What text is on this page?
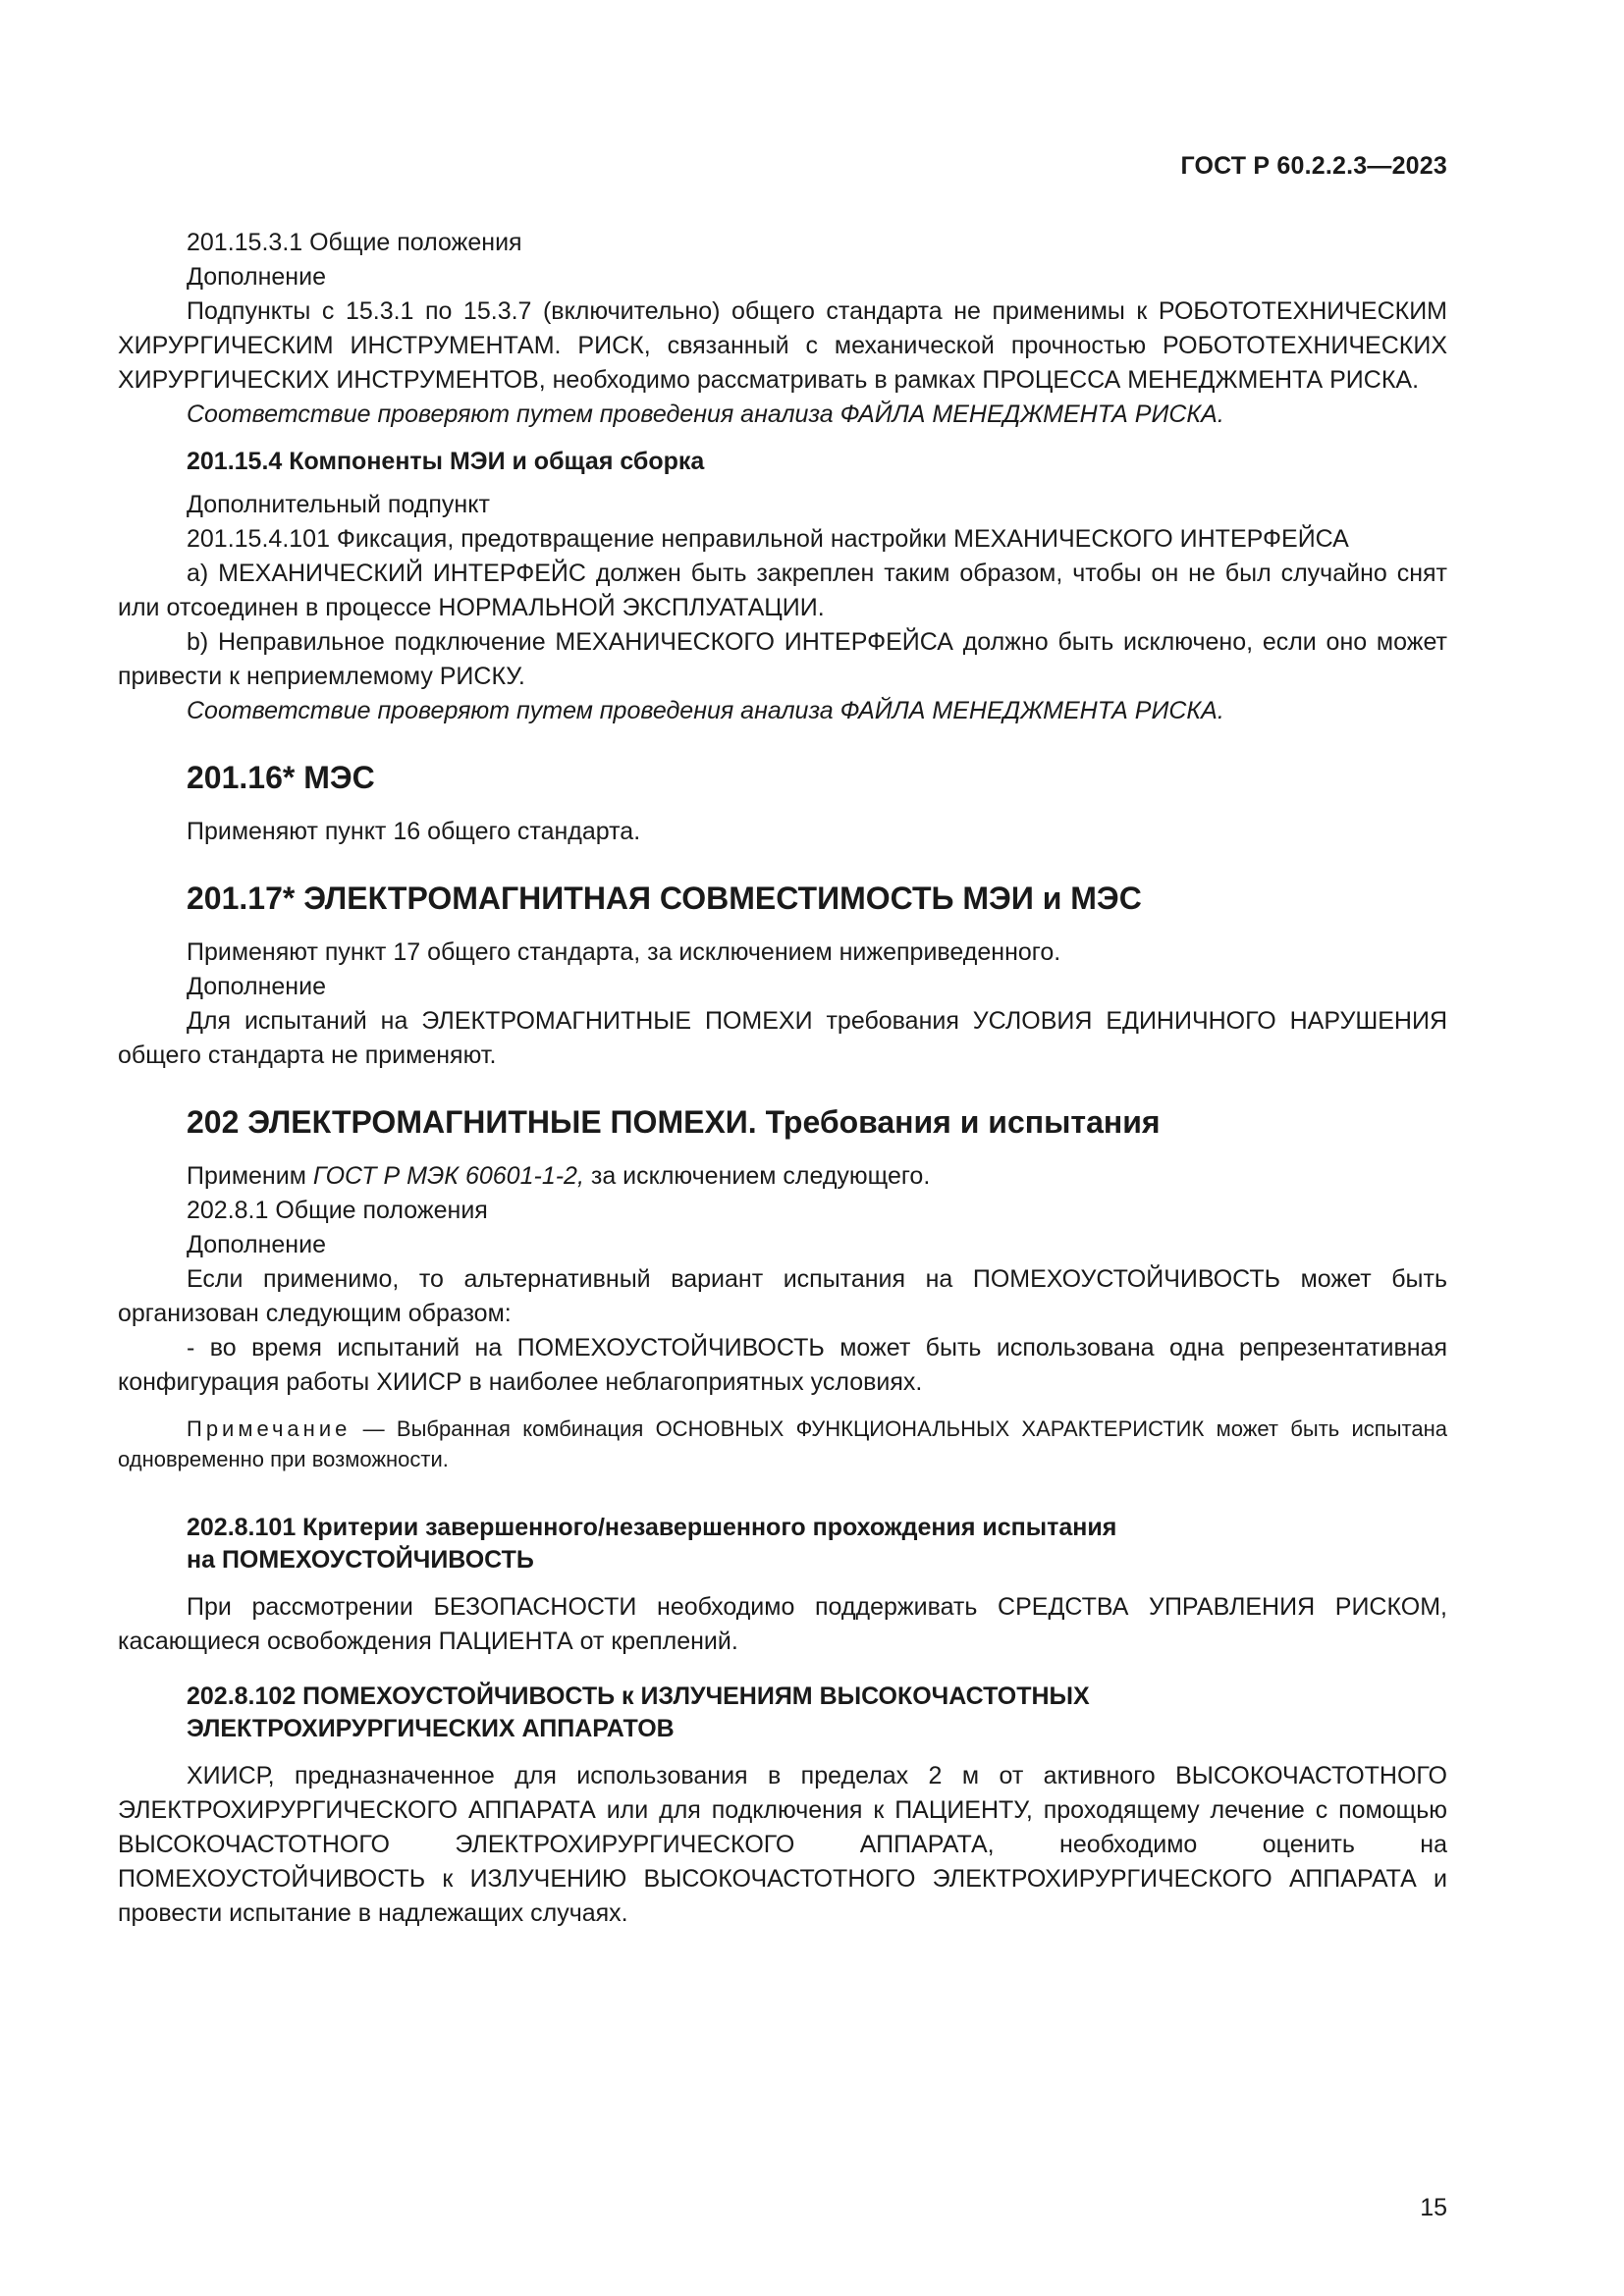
ГОСТ Р 60.2.2.3—2023

201.15.3.1 Общие положения

Дополнение

Подпункты с 15.3.1 по 15.3.7 (включительно) общего стандарта не применимы к РОБОТОТЕХНИЧЕСКИМ ХИРУРГИЧЕСКИМ ИНСТРУМЕНТАМ. РИСК, связанный с механической прочностью РОБОТОТЕХНИЧЕСКИХ ХИРУРГИЧЕСКИХ ИНСТРУМЕНТОВ, необходимо рассматривать в рамках ПРОЦЕССА МЕНЕДЖМЕНТА РИСКА.

Соответствие проверяют путем проведения анализа ФАЙЛА МЕНЕДЖМЕНТА РИСКА.

201.15.4 Компоненты МЭИ и общая сборка

Дополнительный подпункт

201.15.4.101 Фиксация, предотвращение неправильной настройки МЕХАНИЧЕСКОГО ИНТЕРФЕЙСА

а) МЕХАНИЧЕСКИЙ ИНТЕРФЕЙС должен быть закреплен таким образом, чтобы он не был случайно снят или отсоединен в процессе НОРМАЛЬНОЙ ЭКСПЛУАТАЦИИ.

b) Неправильное подключение МЕХАНИЧЕСКОГО ИНТЕРФЕЙСА должно быть исключено, если оно может привести к неприемлемому РИСКУ.

Соответствие проверяют путем проведения анализа ФАЙЛА МЕНЕДЖМЕНТА РИСКА.

201.16* МЭС

Применяют пункт 16 общего стандарта.

201.17* ЭЛЕКТРОМАГНИТНАЯ СОВМЕСТИМОСТЬ МЭИ и МЭС

Применяют пункт 17 общего стандарта, за исключением нижеприведенного.

Дополнение

Для испытаний на ЭЛЕКТРОМАГНИТНЫЕ ПОМЕХИ требования УСЛОВИЯ ЕДИНИЧНОГО НАРУШЕНИЯ общего стандарта не применяют.

202 ЭЛЕКТРОМАГНИТНЫЕ ПОМЕХИ. Требования и испытания

Применим ГОСТ Р МЭК 60601-1-2, за исключением следующего.

202.8.1 Общие положения

Дополнение

Если применимо, то альтернативный вариант испытания на ПОМЕХОУСТОЙЧИВОСТЬ может быть организован следующим образом:

- во время испытаний на ПОМЕХОУСТОЙЧИВОСТЬ может быть использована одна репрезентативная конфигурация работы ХИИСР в наиболее неблагоприятных условиях.

Примечание — Выбранная комбинация ОСНОВНЫХ ФУНКЦИОНАЛЬНЫХ ХАРАКТЕРИСТИК может быть испытана одновременно при возможности.

202.8.101 Критерии завершенного/незавершенного прохождения испытания
на ПОМЕХОУСТОЙЧИВОСТЬ

При рассмотрении БЕЗОПАСНОСТИ необходимо поддерживать СРЕДСТВА УПРАВЛЕНИЯ РИСКОМ, касающиеся освобождения ПАЦИЕНТА от креплений.

202.8.102 ПОМЕХОУСТОЙЧИВОСТЬ к ИЗЛУЧЕНИЯМ ВЫСОКОЧАСТОТНЫХ
ЭЛЕКТРОХИРУРГИЧЕСКИХ АППАРАТОВ

ХИИСР, предназначенное для использования в пределах 2 м от активного ВЫСОКОЧАСТОТНОГО ЭЛЕКТРОХИРУРГИЧЕСКОГО АППАРАТА или для подключения к ПАЦИЕНТУ, проходящему лечение с помощью ВЫСОКОЧАСТОТНОГО ЭЛЕКТРОХИРУРГИЧЕСКОГО АППАРАТА, необходимо оценить на ПОМЕХОУСТОЙЧИВОСТЬ к ИЗЛУЧЕНИЮ ВЫСОКОЧАСТОТНОГО ЭЛЕКТРОХИРУРГИЧЕСКОГО АППАРАТА и провести испытание в надлежащих случаях.

15
